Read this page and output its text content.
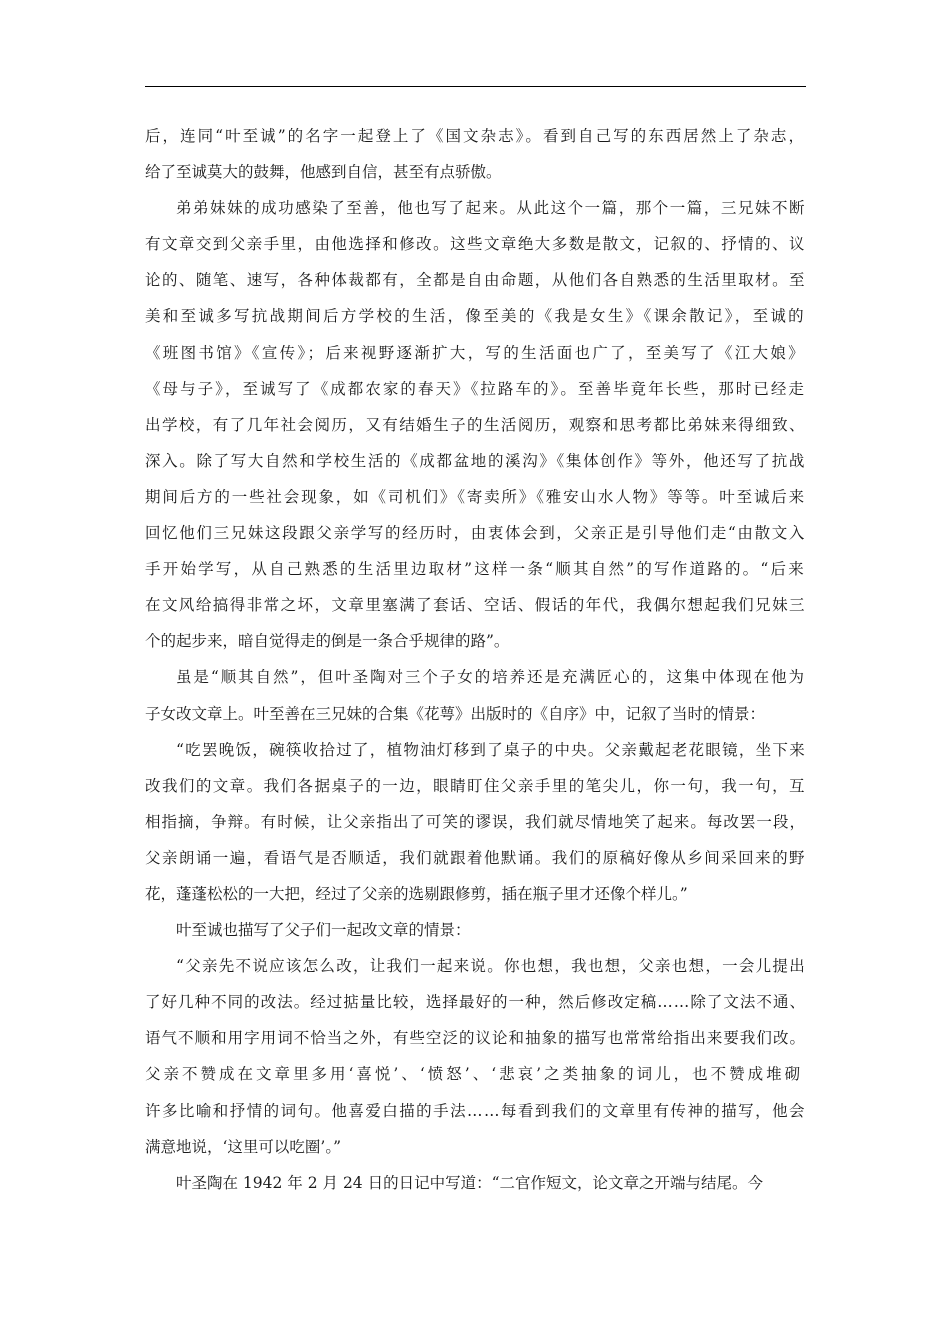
后，连同“叶至诚”的名字一起登上了《国文杂志》。看到自己写的东西居然上了杂志，
给了至诚莫大的鼓舞，他感到自信，甚至有点骄傲。
弟弟妹妹的成功感染了至善，他也写了起来。从此这个一篇，那个一篇，三兄妹不断
有文章交到父亲手里，由他选择和修改。这些文章绝大多数是散文，记叙的、抒情的、议
论的、随笔、速写，各种体裁都有，全都是自由命题，从他们各自熟悉的生活里取材。至
美和至诚多写抗战期间后方学校的生活，像至美的《我是女生》《课余散记》，至诚的
《班图书馆》《宣传》；后来视野逐渐扩大，写的生活面也广了，至美写了《江大娘》
《母与子》，至诚写了《成都农家的春天》《拉路车的》。至善毕竟年长些，那时已经走
出学校，有了几年社会阅历，又有结婚生子的生活阅历，观察和思考都比弟妹来得细致、
深入。除了写大自然和学校生活的《成都盆地的溪沟》《集体创作》等外，他还写了抗战
期间后方的一些社会现象，如《司机们》《寄卖所》《雅安山水人物》等等。叶至诚后来
回忆他们三兄妹这段跟父亲学写的经历时，由衷体会到，父亲正是引导他们走“由散文入
手开始学写，从自己熟悉的生活里边取材”这样一条“顺其自然”的写作道路的。“后来
在文风给搞得非常之坏，文章里塞满了套话、空话、假话的年代，我偶尔想起我们兄妹三
个的起步来，暗自觉得走的倒是一条合乎规律的路”。
虽是“顺其自然”，但叶圣陶对三个子女的培养还是充满匠心的，这集中体现在他为
子女改文章上。叶至善在三兄妹的合集《花萼》出版时的《自序》中，记叙了当时的情景：
“吃罢晚饭，碗筷收拾过了，植物油灯移到了桌子的中央。父亲戴起老花眼镜，坐下来
改我们的文章。我们各据桌子的一边，眼睛盯住父亲手里的笔尖儿，你一句，我一句，互
相指摘，争辩。有时候，让父亲指出了可笑的谬误，我们就尽情地笑了起来。每改罢一段，
父亲朗诵一遍，看语气是否顺适，我们就跟着他默诵。我们的原稿好像从乡间采回来的野
花，蓬蓬松松的一大把，经过了父亲的选剔跟修剪，插在瓶子里才还像个样儿。”
叶至诚也描写了父子们一起改文章的情景：
“父亲先不说应该怎么改，让我们一起来说。你也想，我也想，父亲也想，一会儿提出
了好几种不同的改法。经过掂量比较，选择最好的一种，然后修改定稿……除了文法不通、
语气不顺和用字用词不恰当之外，有些空泛的议论和抽象的描写也常常给指出来要我们改。
父亲不赞成在文章里多用‘喜悦’、‘愤怒’、‘悲哀’之类抽象的词儿，也不赞成堆砌
许多比喻和抒情的词句。他喜爱白描的手法……每看到我们的文章里有传神的描写，他会
满意地说，‘这里可以吃圈’。”
叶圣陶在 1942 年 2 月 24 日的日记中写道：“二官作短文，论文章之开端与结尾。今
